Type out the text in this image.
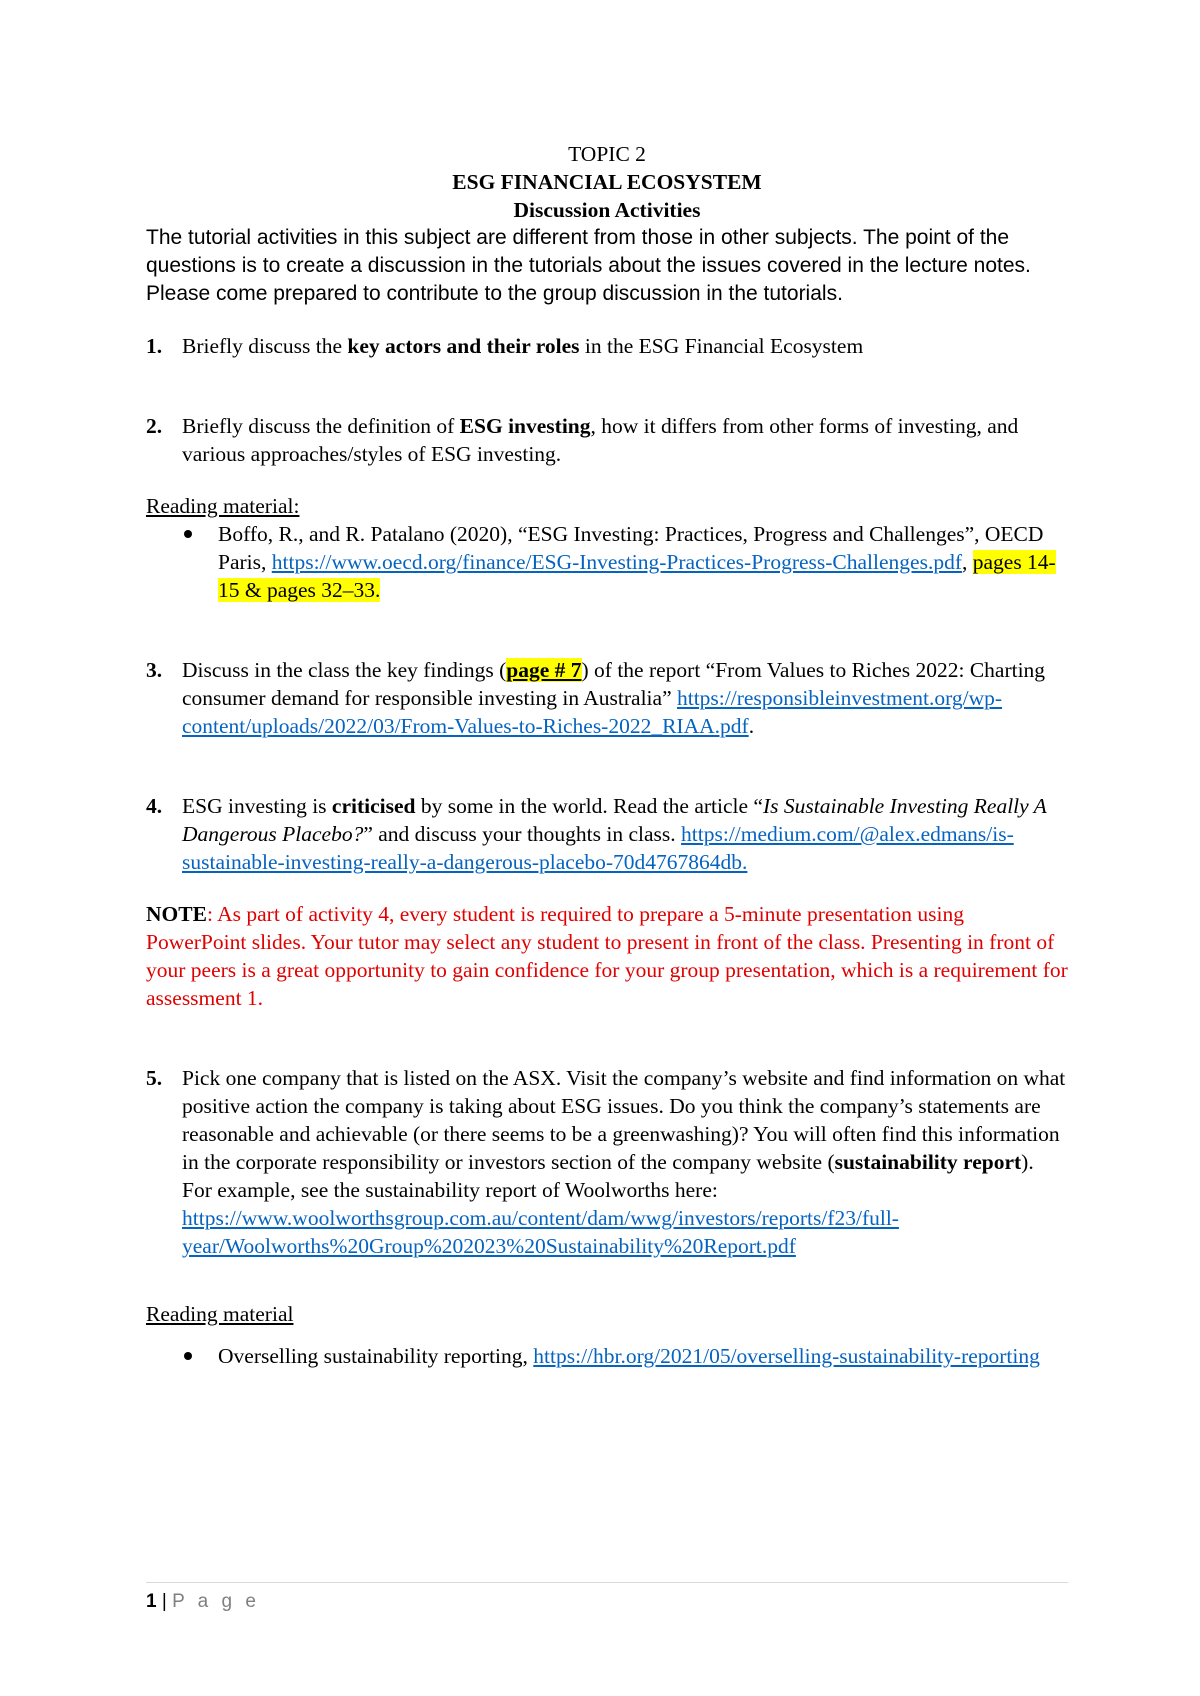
TOPIC 2

ESG FINANCIAL ECOSYSTEM

Discussion Activities

The tutorial activities in this subject are different from those in other subjects. The point of the questions is to create a discussion in the tutorials about the issues covered in the lecture notes. Please come prepared to contribute to the group discussion in the tutorials.

1. Briefly discuss the key actors and their roles in the ESG Financial Ecosystem
2. Briefly discuss the definition of ESG investing, how it differs from other forms of investing, and various approaches/styles of ESG investing.

Reading material:

Boffo, R., and R. Patalano (2020), “ESG Investing: Practices, Progress and Challenges”, OECD Paris, https://www.oecd.org/finance/ESG-Investing-Practices-Progress-Challenges.pdf, pages 14-15 & pages 32–33.
3. Discuss in the class the key findings (page # 7) of the report “From Values to Riches 2022: Charting consumer demand for responsible investing in Australia” https://responsibleinvestment.org/wp-content/uploads/2022/03/From-Values-to-Riches-2022_RIAA.pdf.
4. ESG investing is criticised by some in the world. Read the article “Is Sustainable Investing Really A Dangerous Placebo?” and discuss your thoughts in class. https://medium.com/@alex.edmans/is-sustainable-investing-really-a-dangerous-placebo-70d4767864db.

NOTE: As part of activity 4, every student is required to prepare a 5-minute presentation using PowerPoint slides. Your tutor may select any student to present in front of the class. Presenting in front of your peers is a great opportunity to gain confidence for your group presentation, which is a requirement for assessment 1.

5. Pick one company that is listed on the ASX. Visit the company’s website and find information on what positive action the company is taking about ESG issues. Do you think the company’s statements are reasonable and achievable (or there seems to be a greenwashing)? You will often find this information in the corporate responsibility or investors section of the company website (sustainability report). For example, see the sustainability report of Woolworths here: https://www.woolworthsgroup.com.au/content/dam/wwg/investors/reports/f23/full-year/Woolworths%20Group%202023%20Sustainability%20Report.pdf

Reading material

Overselling sustainability reporting, https://hbr.org/2021/05/overselling-sustainability-reporting
1 | P a g e
